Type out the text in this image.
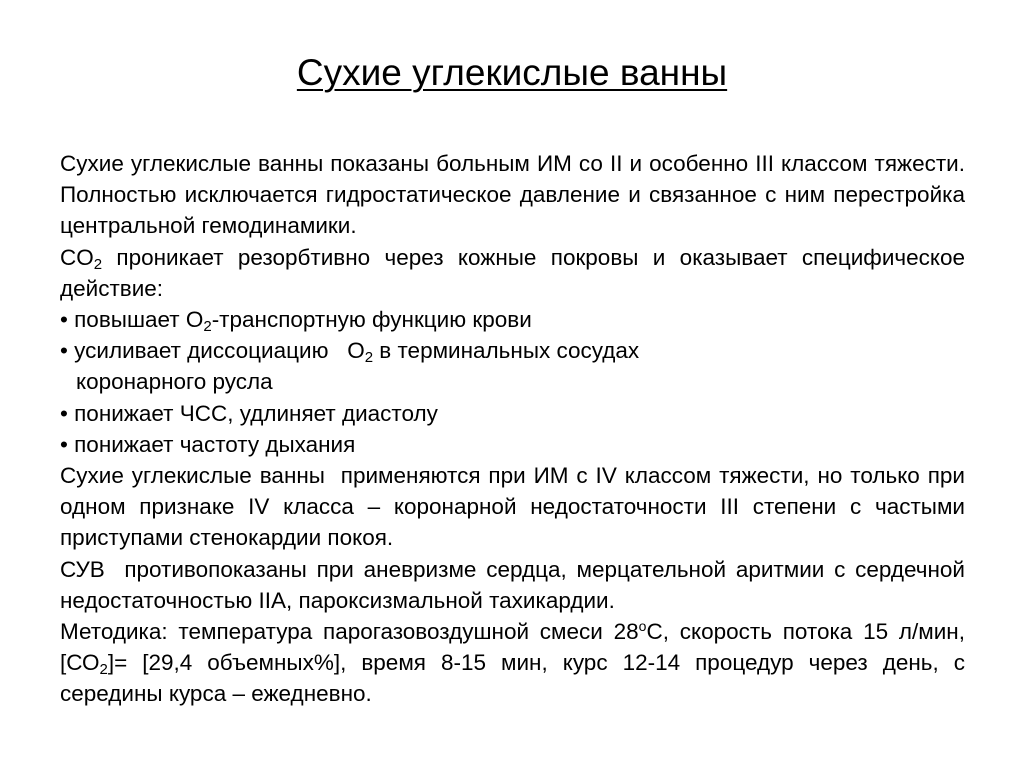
Сухие углекислые ванны

Сухие углекислые ванны показаны больным ИМ со II и особенно III классом тяжести. Полностью исключается гидростатическое давление и связанное с ним перестройка центральной гемодинамики.

$CO_2$ проникает резорбтивно через кожные покровы и оказывает специфическое действие:

• повышает $O_2$-транспортную функцию крови

• усиливает диссоциацию   $O_2$ в терминальных сосудах

коронарного русла

• понижает ЧСС, удлиняет диастолу

• понижает частоту дыхания

Сухие углекислые ванны  применяются при ИМ с IV классом тяжести, но только при одном признаке IV класса – коронарной недостаточности III степени с частыми приступами стенокардии покоя.

СУВ  противопоказаны при аневризме сердца, мерцательной аритмии с сердечной недостаточностью IIА, пароксизмальной тахикардии.

Методика: температура парогазовоздушной смеси $28^оС$, скорость потока 15 л/мин, $[СО_2]= [29,4$ объемных%], время 8-15 мин, курс 12-14 процедур через день, с середины курса – ежедневно.
